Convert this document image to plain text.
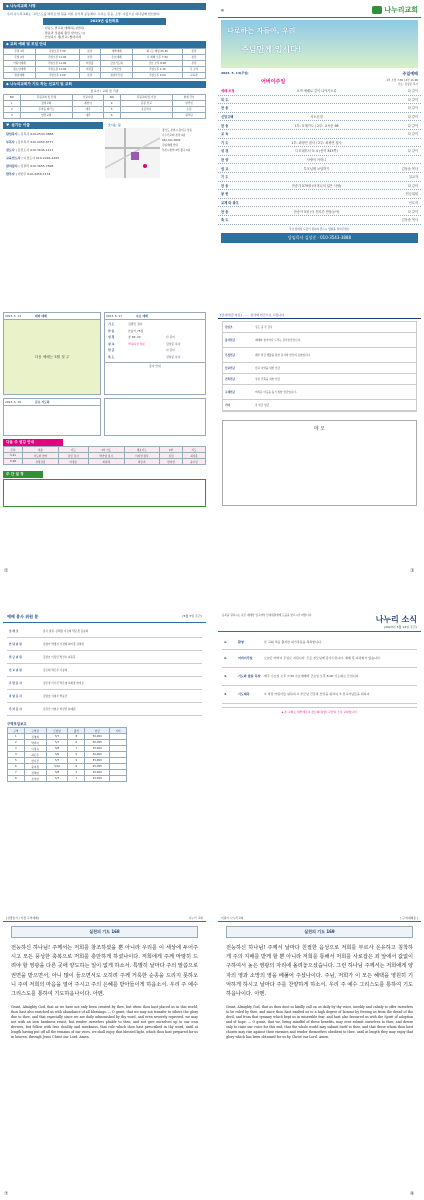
◆ 나누리교회 사명
우리 나누리교회는 그리스도를 머리로 한 몸을 이룬 유기적 공동체다. 우리는 믿음, 소망, 사랑으로 하나님께 헌신한다.
2023년 실천목표
· 믿음도 견고히 예배하는(반려)
· 말씀과 성령의 충만 받아(도시)
· 안녕하시 세(선교) 협력하세
◆ 교회 예배 및 모임 안내
주일 1부	주일오전 7:30	본당	새벽예배	화~토 매일 05:30	본당
주일 2부	주일오전 11:00	본당	수요예배	수 예배 오후 7:30	본당
어린이예배	주일오전 11:00	비전홀	금요기도회	금요 오후 8:00	본당
청소년예배	주일오전 11:00	비전홀	구역모임	주일오후 1:30	각 구역
청년예배	주일오후 2:00	본당	청년부모임	주일오후 3:00	교육관
◆ 나누리교회가 기도 하는 선교지 및 교회
선교사 / 교회 및 기관
NO	후원교회 및 단체	선교사명	NO	후원교회 및 기관	현재 국가
1	꿈의교회	제천이	4	몽골 선교	알리엇
2	주마음 희리스	태국	5	유로써니	수원
3	암선교회	대만	6		필리핀
♥ 섬기는 이들
담임목사 | 김목사 010-2543-3888
부목사 | 김부목사 010-2054-6777
전도사 | 김전도사 010-3645-1211
교육전도사 | 이전도사 010-2246-4455
관리집사 | 김관리 010-3655-7898
반주자 | 이반주 010-4456-1133
오시는 길
경기도 부천시 원미구 상동
나누리교회 본당 2층
032-321-0000
주일예배 안내
부천시청역 2번 출구 5분
▦	나누리교회
나로하는 자들아, 우리
주님만께 입시다!
2023. 5. 14(주일)	주일예배
어버이주일	1부 오전 7:30 / 2부 11:00
인도: 김상준 목사
예배 초청	오직 예배로 깊이 나아가도록	다 같이
묵 도	다 같이
찬 송	다 같이
신앙고백	사도신경	다 같이
찬 송	1부: 호계가도 / 2부: 교독문 98	다 같이
교 독	다 같이
기 도	1부: 최평민 집사 / 2부: 최평민 집사
성 경	디모데후서 3: 4 (신약 343쪽)	다 같이
찬 양	사랑의 어머니
설 교	부모님께 보답하기	김상준 목사
기 도	설교자
찬 송	찬송가 579장 (어머니의 넓은 사랑)	다 같이
봉 헌	헌금위원
교제 와 광고	인도자
찬 송	찬송가 5장 (이 천지간 만물들아)	다 같이
축 도	김상준 목사
주님 앞에서 드림이 원하여 반드시 명찰을 달아주세요.
담임목사 김상준 · 010-3543-3888
2023. 5. 14	테마 예배
다음 예배는 5월 첫 주
2023. 5. 17	수요 예배
기 도	김종민 집사
찬 송	찬송가 75장
성 경	창 28: 20	다 같이
설 교	약속하신 대로	김상준 목사
헌 금	다 같이
축 도	김상준 목사
봉사 안내
2023. 5. 19	금요 기도회
다음 주 섬김 안내
주차	내용	기도	1부 기도	대표기도	2부	기도
5.21	기도와 찬양	김민 집사	박가영 집사	이지선 권사	김민	최지훈
5.28	성령강림	이정호	최지혜	박은지	한지연	윤수민
주 간 일 정
②
[감사/헌금 자료] ······· 감사와 헌금으로 드립니다
십일조	성도 중 각 감사
감사헌금	예배와 절기마다 드리는 감사헌금입니다.
주정헌금	매주 헌금 생활을 통한 감사와 헌신의 표현입니다.
선교헌금	선교 사역을 위한 헌금
건축헌금	성전 건축을 위한 헌금
구제헌금	어려운 이웃을 돕기 위한 헌금입니다.
기타	각 헌금 입금
메 모
③
예배 봉사 위원 분	(5월 7일 주간)
입 례 조	봉사 위원: 김해경 이은희 박은경 김승희
안 내 위 원	김영미 박명자 이정희 최미경 김혜선
현 금 위 원	김정호 이상민 박진수 최동훈
선 교 위 원	김은희 박은주 이승희
주 방 봉 사	김민정 이수진 박은영 최희정 한지은
차 량 봉 사	김영호 이철수 박동민
주 차 봉 사	김성진 이현우 박상민 최재원
구역모임보고
구역	구역장	모임일	출석	헌금	기타
1	김영희	5/7	8	50,000	
2	박미자	5/7	6	40,000	
3	이정숙	5/8	7	35,000	
4	최은주	5/9	5	30,000	
5	한수진	5/7	9	55,000	
6	윤미경	5/10	6	25,000	
7	정혜영	5/8	4	20,000	
8	조미란	5/7	7	45,000	
등록을 원하시는 분은 예배당 입구에서 안내위원에게 도움을 받으시기 바랍니다.	나누리 소식
(2023년 5월 14일 주간)
1.	환영	본 교회 처음 출석한 새가족분을 축복합니다.
2.	어버이주일	오늘은 어버이 주일로 지킵니다. 모든 부모님께 감사드립니다. 예배 후 다과회가 있습니다.
3.	기도와 말씀 묵상	매주 수요일 오후 7:30 수요예배와 금요일 오후 8:00 기도회로 모입니다.
4.	기도제목	① 비전 어린이들 위하여 ② 부모님 건강과 신앙을 위하여 ③ 선교사님들을 위하여
◈ 본 교회는 대한예수교 장로회(통합) 교단의 소속 교회입니다.
[성경읽기 / 가정 구역예배]	나누리 교회
실천의 기도 168
전능하신 하나님! 주께서는 저희를 창조하셨을 뿐 아니라 우리를 이 세상에 두어주시고 모든 풍성한 축복으로 저희를 충만하게 하셨나이다. 저희에게 주께 마땅히 드려야 할 영광을 다른 곳에 양도하는 일이 없게 하소서. 특별히 날마다 주의 말씀으로 권면을 받으면서, 아니 많이 들으면서도 오히려 주께 거룩한 순종을 드리지 못하오니 주여 저희의 마음을 열어 주시고 주의 은혜를 받아들이게 하옵소서. 우리 주 예수 그리스도를 통하여 기도하옵나이다. 아멘.
Grant, Almighty God, that as we have not only been created by thee, but when thou hast placed us in this world, thou hast also enriched us with abundance of all blessings, — O grant, that we may not transfer to others the glory due to thee, and that especially since we are daily admonished by thy word, and even severely reproved, we may not with an iron hardness resist, but render ourselves pliable to thee, and not give ourselves up to our own devices, but follow with true docility and meekness, that rule which thou hast prescribed in thy word, until at length having put off all the remains of our vices, we shall enjoy that blessed light, which thou hast prepared for us in heaven, through Jesus Christ our Lord. Amen.
⑦
어린이 나누리교회	[ 구역예배용 ]
실천의 기도 169
전능하신 하나님! 주께서 날마다 친절한 음성으로 저희를 부르사 온유하고 침착하게 주의 지배를 받게 할 뿐 아니라 저희를 통해서 저희를 사로잡은 죄 앞에서 값없이 구하여서 높은 영광의 자리에 올려놓으셨습니다. 그런 하나님 주께서는 저희에게 양자의 영과 소망의 영을 베풀어 주셨나이다. 주님, 저희가 이 모든 혜택을 영원히 기억하게 하시고 날마다 주를 찬양하게 하소서. 우리 주 예수 그리스도를 통하여 기도하옵나이다. 아멘.
Grant, Almighty God, that as thou dost so kindly call on us daily by thy voice, meekly and calmly to offer ourselves to be ruled by thee, and since thou hast exalted us to a high degree of honour by freeing us from the dread of the devil, and from that tyranny which kept us in miserable fear, and hast also favoured us with the Spirit of adoption and of hope, — O grant, that we, being mindful of these benefits, may ever submit ourselves to thee, and desire only to raise our voice for this end, that the whole world may submit itself to thee, and that those whom thou hast chosen may rise against their enemies and render themselves obedient to thee, until at length they may enjoy that glory which has been obtained for us by Christ our Lord. Amen.
⑧
